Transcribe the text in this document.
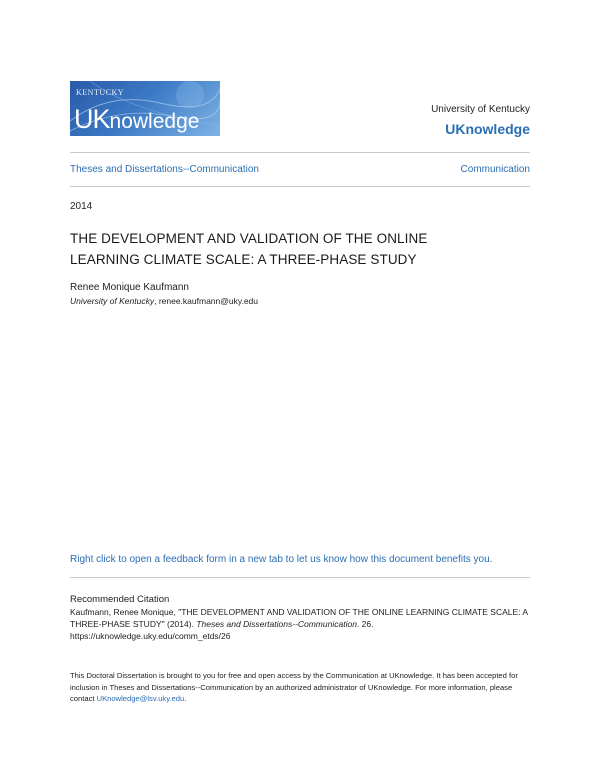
KENTUCKY
UKnowledge
University of Kentucky
UKnowledge
Theses and Dissertations--Communication	Communication
2014
THE DEVELOPMENT AND VALIDATION OF THE ONLINE LEARNING CLIMATE SCALE: A THREE-PHASE STUDY
Renee Monique Kaufmann
University of Kentucky, renee.kaufmann@uky.edu
Right click to open a feedback form in a new tab to let us know how this document benefits you.
Recommended Citation
Kaufmann, Renee Monique, "THE DEVELOPMENT AND VALIDATION OF THE ONLINE LEARNING CLIMATE SCALE: A THREE-PHASE STUDY" (2014). Theses and Dissertations--Communication. 26.
https://uknowledge.uky.edu/comm_etds/26
This Doctoral Dissertation is brought to you for free and open access by the Communication at UKnowledge. It has been accepted for inclusion in Theses and Dissertations--Communication by an authorized administrator of UKnowledge. For more information, please contact UKnowledge@lsv.uky.edu.
